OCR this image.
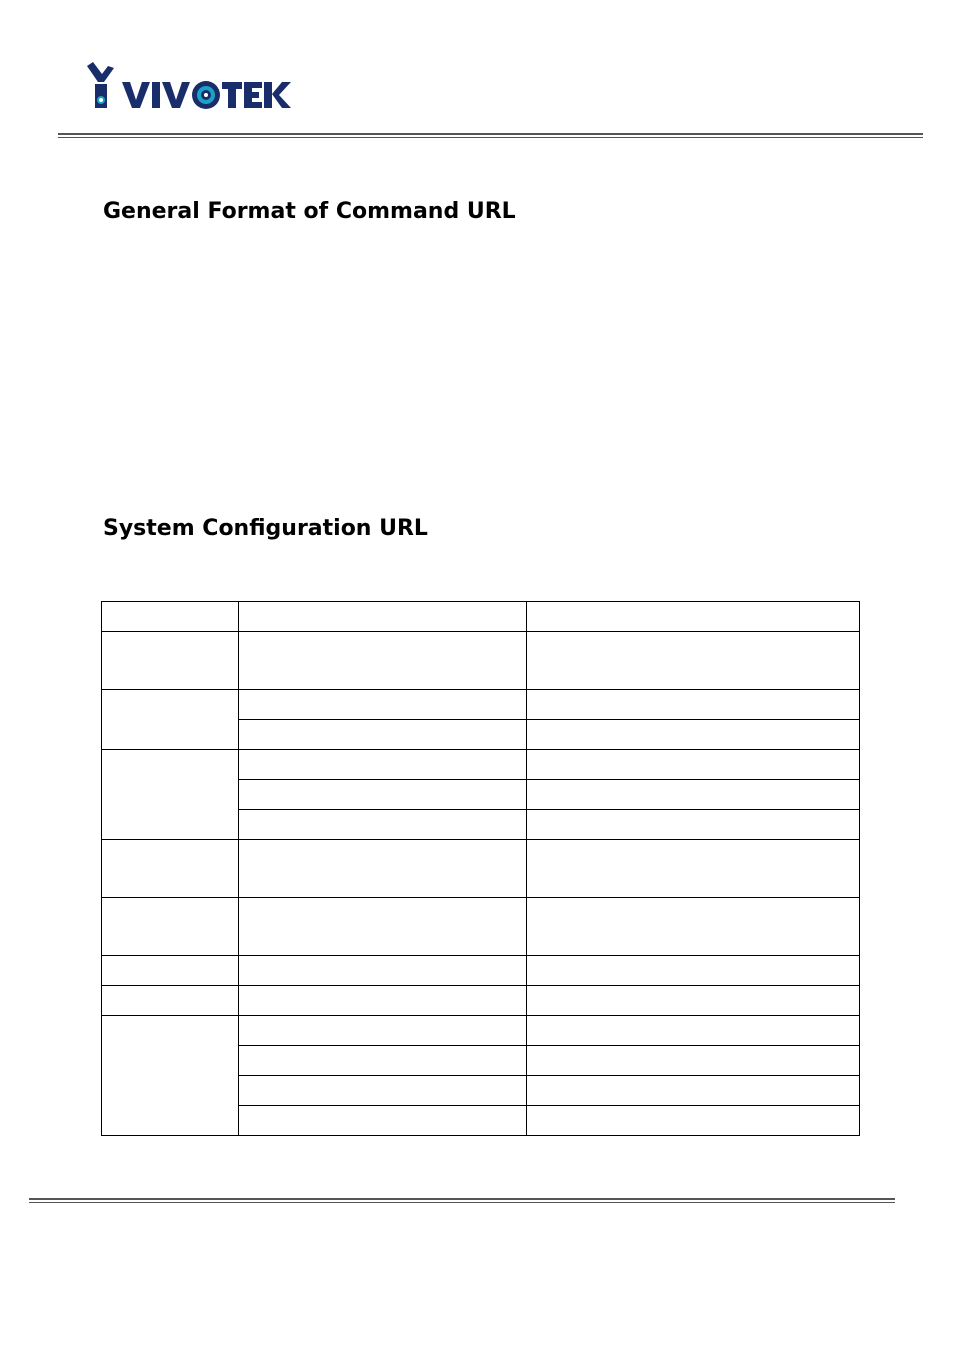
General Format of Command URL
System Configuration URL
